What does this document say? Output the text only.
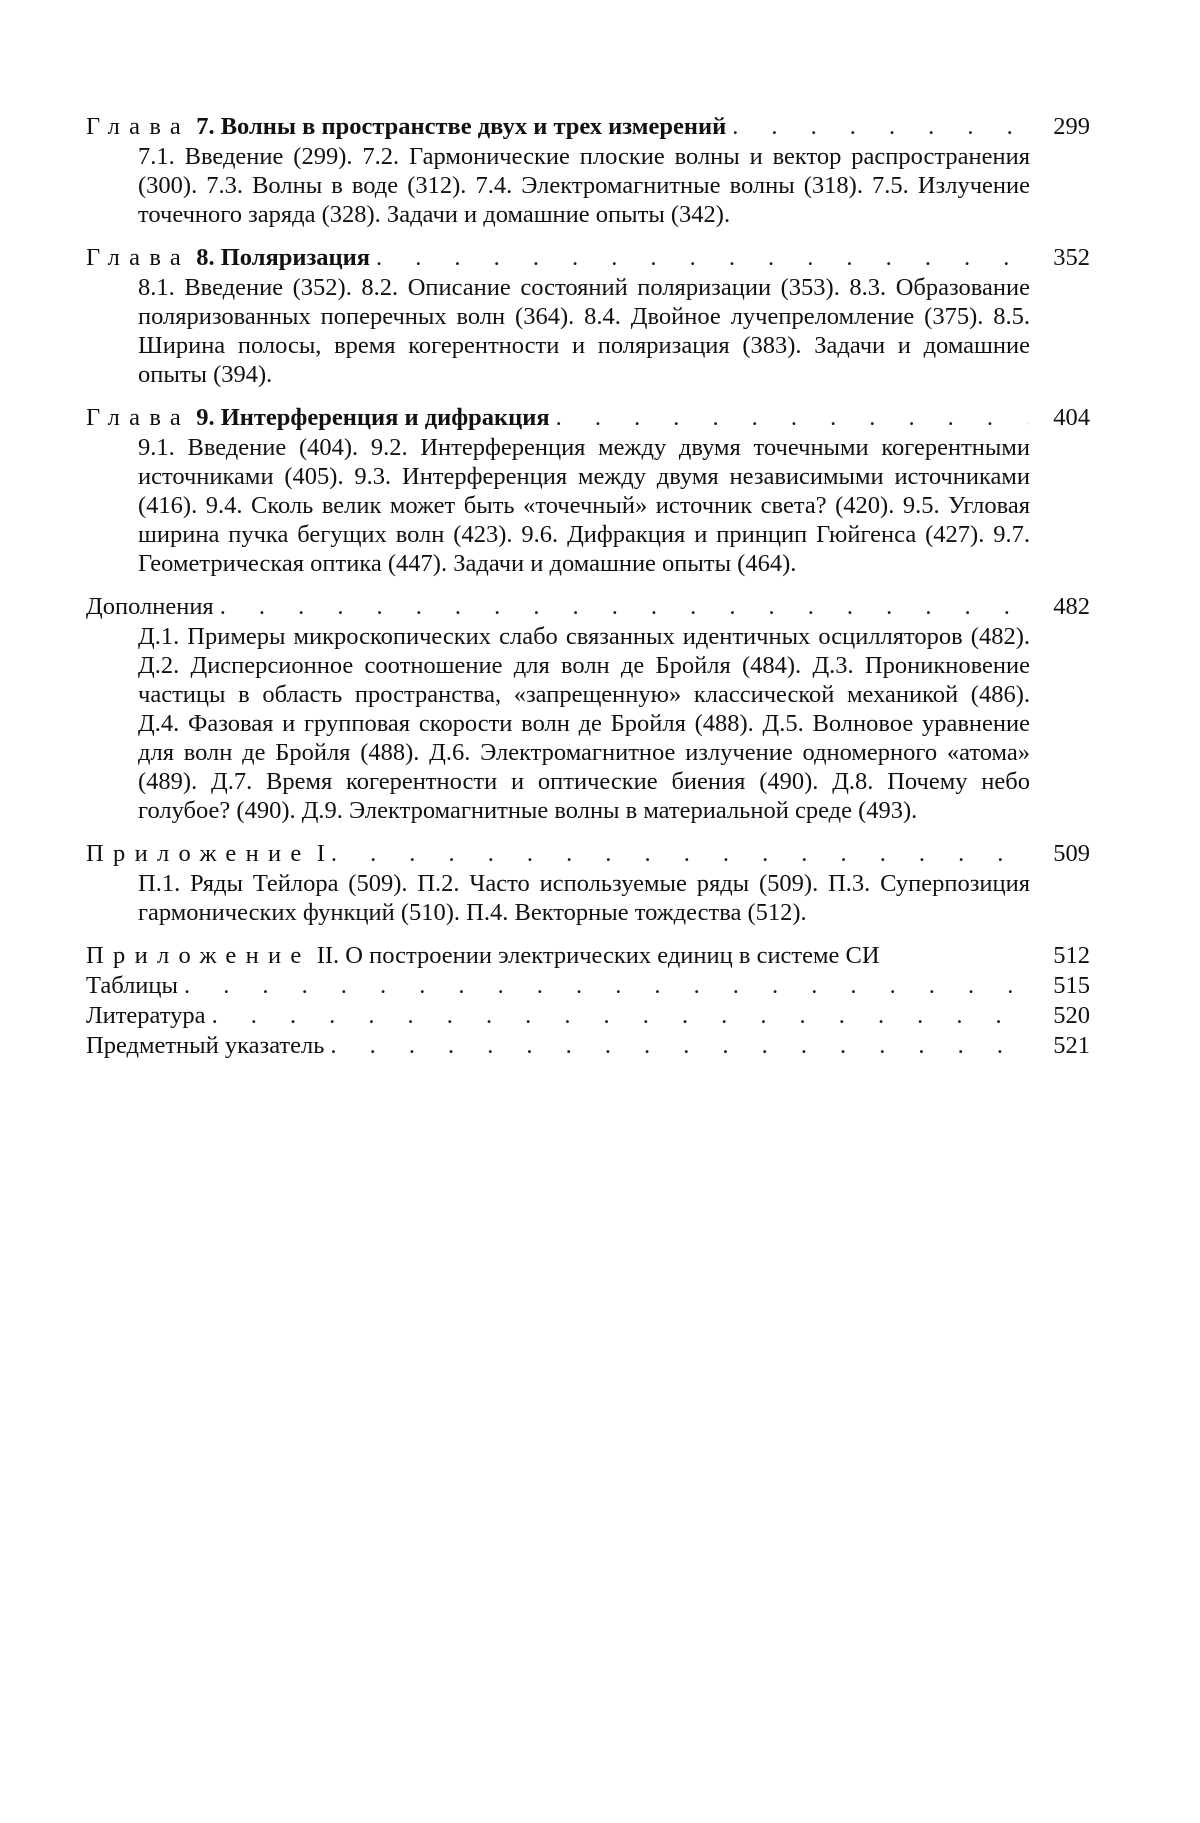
Глава 7. Волны в пространстве двух и трех измерений . . .	299
7.1. Введение (299). 7.2. Гармонические плоские волны и вектор распространения (300). 7.3. Волны в воде (312). 7.4. Электромагнитные волны (318). 7.5. Излучение точечного заряда (328). Задачи и домашние опыты (342).
Глава 8. Поляризация . . .	352
8.1. Введение (352). 8.2. Описание состояний поляризации (353). 8.3. Образование поляризованных поперечных волн (364). 8.4. Двойное лучепреломление (375). 8.5. Ширина полосы, время когерентности и поляризация (383). Задачи и домашние опыты (394).
Глава 9. Интерференция и дифракция . . .	404
9.1. Введение (404). 9.2. Интерференция между двумя точечными когерентными источниками (405). 9.3. Интерференция между двумя независимыми источниками (416). 9.4. Сколь велик может быть «точечный» источник света? (420). 9.5. Угловая ширина пучка бегущих волн (423). 9.6. Дифракция и принцип Гюйгенса (427). 9.7. Геометрическая оптика (447). Задачи и домашние опыты (464).
Дополнения . . .	482
Д.1. Примеры микроскопических слабо связанных идентичных осцилляторов (482). Д.2. Дисперсионное соотношение для волн де Бройля (484). Д.3. Проникновение частицы в область пространства, «запрещенную» классической механикой (486). Д.4. Фазовая и групповая скорости волн де Бройля (488). Д.5. Волновое уравнение для волн де Бройля (488). Д.6. Электромагнитное излучение одномерного «атома» (489). Д.7. Время когерентности и оптические биения (490). Д.8. Почему небо голубое? (490). Д.9. Электромагнитные волны в материальной среде (493).
Приложение I . . .	509
П.1. Ряды Тейлора (509). П.2. Часто используемые ряды (509). П.3. Суперпозиция гармонических функций (510). П.4. Векторные тождества (512).
Приложение II. О построении электрических единиц в системе СИ	512
Таблицы . . .	515
Литература . . .	520
Предметный указатель . . .	521
